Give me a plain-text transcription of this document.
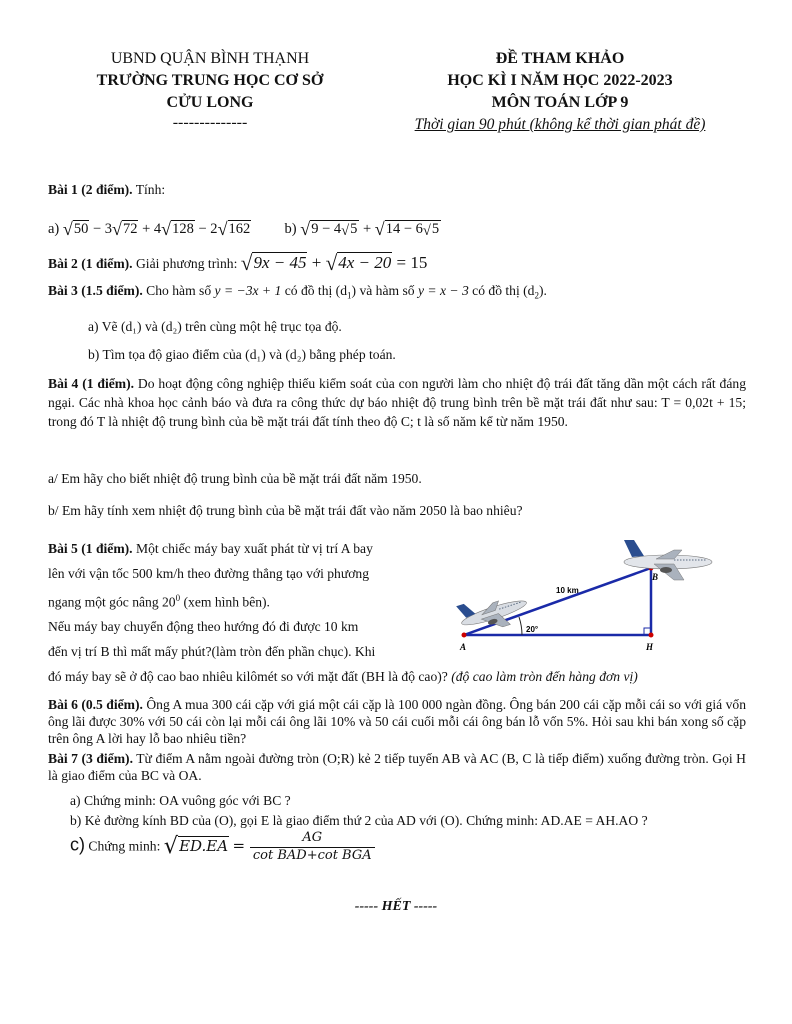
UBND QUẬN BÌNH THẠNH
TRƯỜNG TRUNG HỌC CƠ SỞ
CỬU LONG
--------------
ĐỀ THAM KHẢO
HỌC KÌ I NĂM HỌC 2022-2023
MÔN TOÁN LỚP 9
Thời gian 90 phút (không kể thời gian phát đề)
Bài 1 (2 điểm). Tính:
a) √50 − 3√72 + 4√128 − 2√162 b) √9 − 4√5 + √14 − 6√5
Bài 2 (1 điểm). Giải phương trình: √9x − 45 + √4x − 20 = 15
Bài 3 (1.5 điểm). Cho hàm số y = −3x + 1 có đồ thị $(d_1)$ và hàm số y = x − 3 có đồ thị $(d_2)$.
a) Vẽ (d₁) và (d₂) trên cùng một hệ trục tọa độ.
b) Tìm tọa độ giao điểm của (d₁) và (d₂) bằng phép toán.
Bài 4 (1 điểm). Do hoạt động công nghiệp thiếu kiểm soát của con người làm cho nhiệt độ trái đất tăng dần một cách rất đáng ngại. Các nhà khoa học cảnh báo và đưa ra công thức dự báo nhiệt độ trung bình trên bề mặt trái đất như sau: T = 0,02t + 15; trong đó T là nhiệt độ trung bình của bề mặt trái đất tính theo độ C; t là số năm kể từ năm 1950.
a/ Em hãy cho biết nhiệt độ trung bình của bề mặt trái đất năm 1950.
b/ Em hãy tính xem nhiệt độ trung bình của bề mặt trái đất vào năm 2050 là bao nhiêu?
Bài 5 (1 điểm). Một chiếc máy bay xuất phát từ vị trí A bay
lên với vận tốc 500 km/h theo đường thẳng tạo với phương
ngang một góc nâng $20^0$ (xem hình bên).
Nếu máy bay chuyển động theo hướng đó đi được 10 km
đến vị trí B thì mất mấy phút?(làm tròn đến phần chục). Khi
đó máy bay sẽ ở độ cao bao nhiêu kilômét so với mặt đất (BH là độ cao)? (độ cao làm tròn đến hàng đơn vị)
10 km
20°
A
B
H
Bài 6 (0.5 điểm). Ông A mua 300 cái cặp với giá một cái cặp là 100 000 ngàn đồng. Ông bán 200 cái cặp mỗi cái so với giá vốn ông lãi được 30% với 50 cái còn lại mỗi cái ông lãi 10% và 50 cái cuối mỗi cái ông bán lỗ vốn 5%. Hỏi sau khi bán xong số cặp trên ông A lời hay lỗ bao nhiêu tiền?
Bài 7 (3 điểm). Từ điểm A nằm ngoài đường tròn (O;R) kẻ 2 tiếp tuyến AB và AC (B, C là tiếp điểm) xuống đường tròn. Gọi H là giao điểm của BC và OA.
a) Chứng minh: OA vuông góc với BC ?
b) Kẻ đường kính BD của (O), gọi E là giao điểm thứ 2 của AD với (O). Chứng minh: AD.AE = AH.AO ?
c) Chứng minh: $√ED.EA = \frac{AG}{\cot \overline{BAD}+\cot \overline{BGA}}$
----- HẾT -----
